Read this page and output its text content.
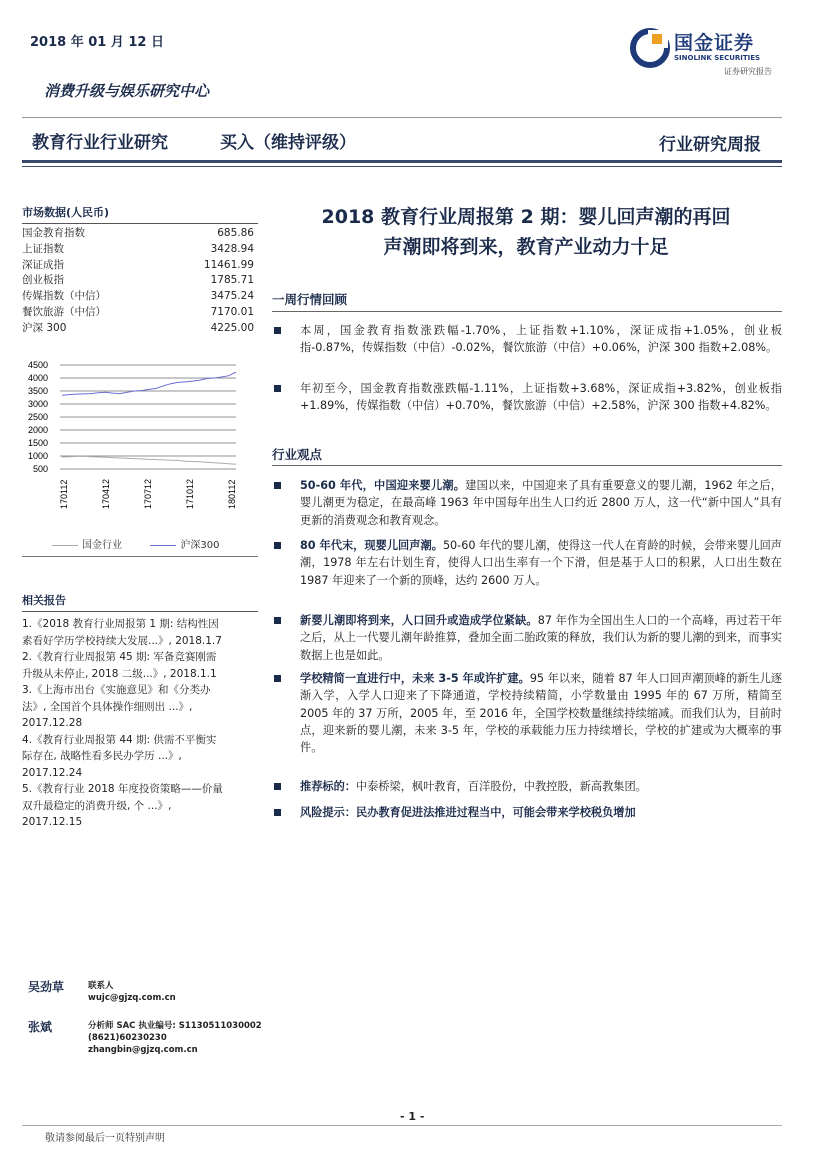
2018 年 01 月 12 日	国金证券
SINOLINK SECURITIES
证券研究报告
消费升级与娱乐研究中心
教育行业行业研究	买入（维持评级）	行业研究周报
市场数据(人民币)
国金教育指数	685.86
上证指数	3428.94
深证成指	11461.99
创业板指	1785.71
传媒指数（中信）	3475.24
餐饮旅游（中信）	7170.01
沪深 300	4225.00
4500
4000
3500
3000
2500
2000
1500
1000
500
170112	170412	170712	171012	180112
国金行业	沪深300
相关报告
1.《2018 教育行业周报第 1 期: 结构性因
素看好学历学校持续大发展...》, 2018.1.7
2.《教育行业周报第 45 期: 军备竞赛刚需
升级从未停止, 2018 二级...》, 2018.1.1
3.《上海市出台《实施意见》和《分类办
法》, 全国首个具体操作细则出 ...》,
2017.12.28
4.《教育行业周报第 44 期: 供需不平衡实
际存在, 战略性看多民办学历 ...》,
2017.12.24
5.《教育行业 2018 年度投资策略——价量
双升最稳定的消费升级, 个 ...》,
2017.12.15
2018 教育行业周报第 2 期：婴儿回声潮的再回
声潮即将到来，教育产业动力十足
一周行情回顾
本周，国金教育指数涨跌幅-1.70%，上证指数+1.10%，深证成指+1.05%，创业板指-0.87%，传媒指数（中信）-0.02%，餐饮旅游（中信）+0.06%，沪深 300 指数+2.08%。
年初至今，国金教育指数涨跌幅-1.11%，上证指数+3.68%，深证成指+3.82%，创业板指+1.89%，传媒指数（中信）+0.70%，餐饮旅游（中信）+2.58%，沪深 300 指数+4.82%。
行业观点
50-60 年代，中国迎来婴儿潮。建国以来，中国迎来了具有重要意义的婴儿潮，1962 年之后，婴儿潮更为稳定，在最高峰 1963 年中国每年出生人口约近 2800 万人，这一代“新中国人”具有更新的消费观念和教育观念。
80 年代末，现婴儿回声潮。50-60 年代的婴儿潮，使得这一代人在育龄的时候，会带来婴儿回声潮，1978 年左右计划生育，使得人口出生率有一个下滑，但是基于人口的积累，人口出生数在 1987 年迎来了一个新的顶峰，达约 2600 万人。
新婴儿潮即将到来，人口回升或造成学位紧缺。87 年作为全国出生人口的一个高峰，再过若干年之后，从上一代婴儿潮年龄推算，叠加全面二胎政策的释放，我们认为新的婴儿潮的到来，而事实数据上也是如此。
学校精简一直进行中，未来 3-5 年或许扩建。95 年以来，随着 87 年人口回声潮顶峰的新生儿逐渐入学，入学人口迎来了下降通道，学校持续精简，小学数量由 1995 年的 67 万所，精简至 2005 年的 37 万所，2005 年，至 2016 年，全国学校数量继续持续缩减。而我们认为，目前时点，迎来新的婴儿潮，未来 3-5 年，学校的承载能力压力持续增长，学校的扩建或为大概率的事件。
推荐标的：中泰桥梁，枫叶教育，百洋股份，中教控股，新高教集团。
风险提示：民办教育促进法推进过程当中，可能会带来学校税负增加
吴劲草	联系人
wujc@gjzq.com.cn
张斌	分析师 SAC 执业编号: S1130511030002
(8621)60230230
zhangbin@gjzq.com.cn
- 1 -
敬请参阅最后一页特别声明
